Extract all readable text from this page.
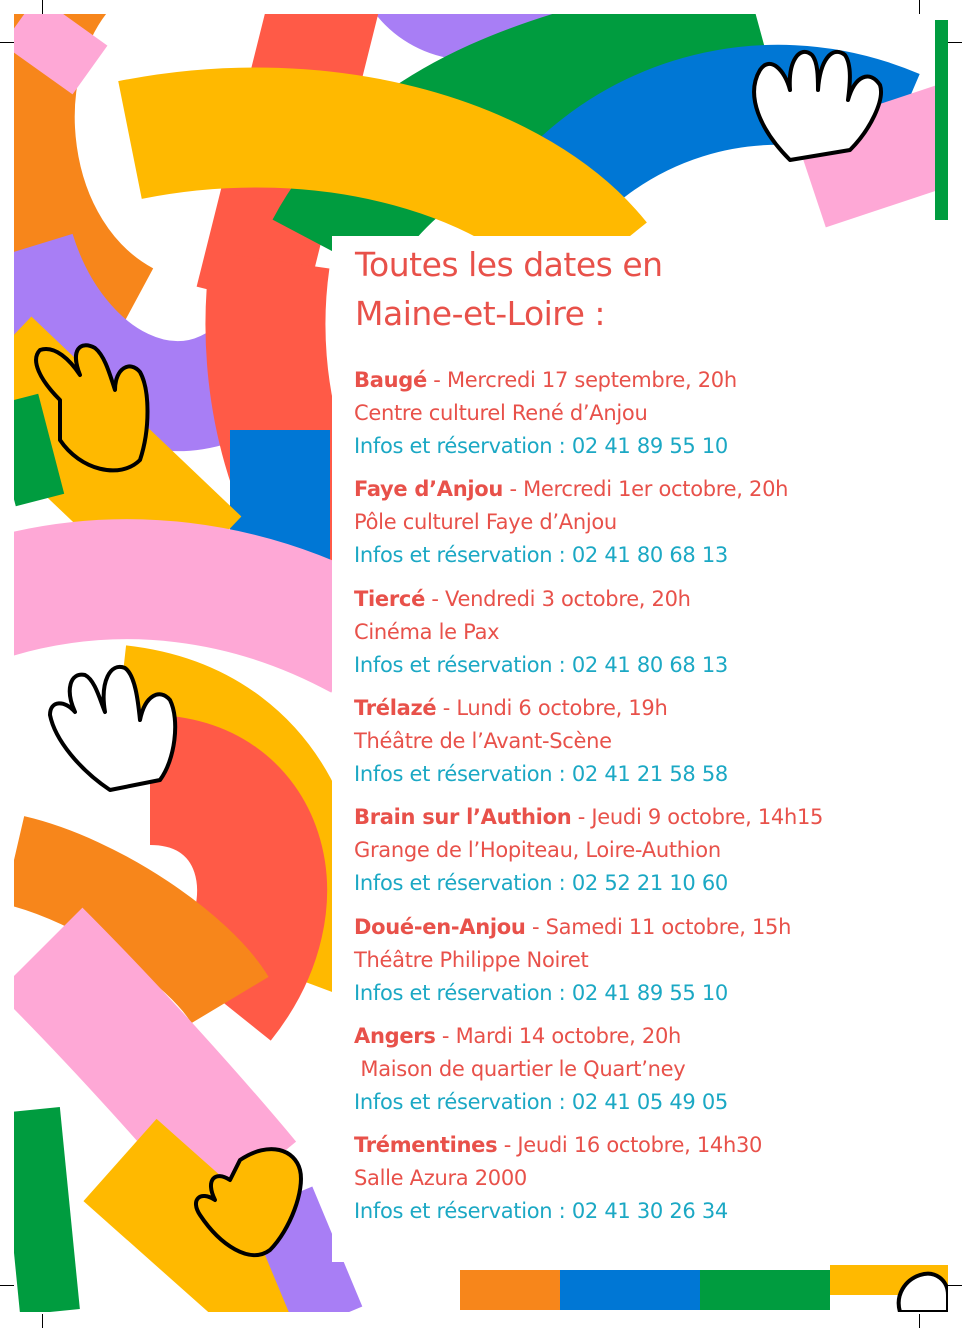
Toutes les dates en
Maine-et-Loire :
Baugé - Mercredi 17 septembre, 20h
Centre culturel René d’Anjou
Infos et réservation : 02 41 89 55 10
Faye d’Anjou - Mercredi 1er octobre, 20h
Pôle culturel Faye d’Anjou
Infos et réservation : 02 41 80 68 13
Tiercé - Vendredi 3 octobre, 20h
Cinéma le Pax
Infos et réservation : 02 41 80 68 13
Trélazé - Lundi 6 octobre, 19h
Théâtre de l’Avant-Scène
Infos et réservation : 02 41 21 58 58
Brain sur l’Authion - Jeudi 9 octobre, 14h15
Grange de l’Hopiteau, Loire-Authion
Infos et réservation : 02 52 21 10 60
Doué-en-Anjou - Samedi 11 octobre, 15h
Théâtre Philippe Noiret
Infos et réservation : 02 41 89 55 10
Angers - Mardi 14 octobre, 20h
Maison de quartier le Quart’ney
Infos et réservation : 02 41 05 49 05
Trémentines - Jeudi 16 octobre, 14h30
Salle Azura 2000
Infos et réservation : 02 41 30 26 34
